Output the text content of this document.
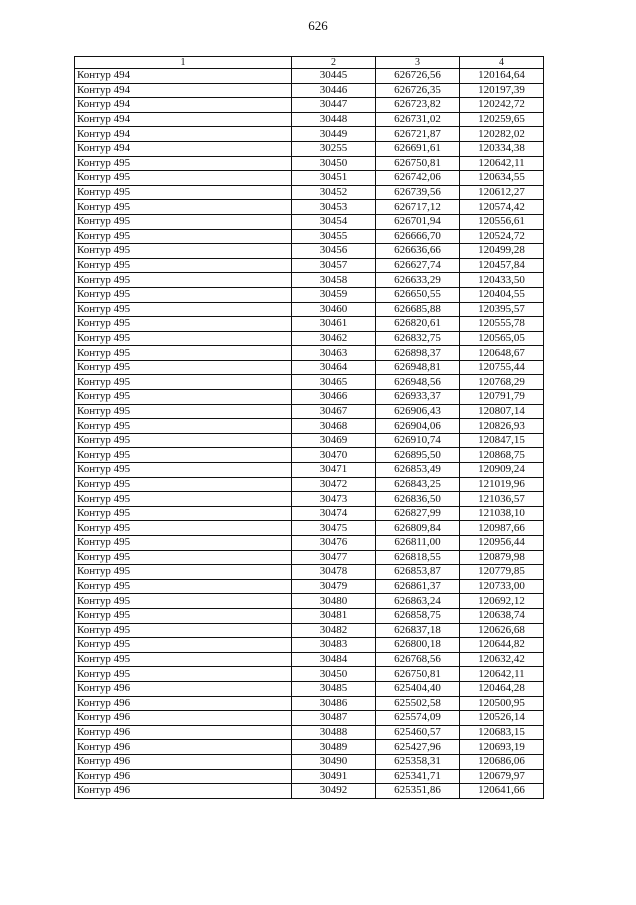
626
1	2	3	4
Контур 494	30445	626726,56	120164,64
Контур 494	30446	626726,35	120197,39
Контур 494	30447	626723,82	120242,72
Контур 494	30448	626731,02	120259,65
Контур 494	30449	626721,87	120282,02
Контур 494	30255	626691,61	120334,38
Контур 495	30450	626750,81	120642,11
Контур 495	30451	626742,06	120634,55
Контур 495	30452	626739,56	120612,27
Контур 495	30453	626717,12	120574,42
Контур 495	30454	626701,94	120556,61
Контур 495	30455	626666,70	120524,72
Контур 495	30456	626636,66	120499,28
Контур 495	30457	626627,74	120457,84
Контур 495	30458	626633,29	120433,50
Контур 495	30459	626650,55	120404,55
Контур 495	30460	626685,88	120395,57
Контур 495	30461	626820,61	120555,78
Контур 495	30462	626832,75	120565,05
Контур 495	30463	626898,37	120648,67
Контур 495	30464	626948,81	120755,44
Контур 495	30465	626948,56	120768,29
Контур 495	30466	626933,37	120791,79
Контур 495	30467	626906,43	120807,14
Контур 495	30468	626904,06	120826,93
Контур 495	30469	626910,74	120847,15
Контур 495	30470	626895,50	120868,75
Контур 495	30471	626853,49	120909,24
Контур 495	30472	626843,25	121019,96
Контур 495	30473	626836,50	121036,57
Контур 495	30474	626827,99	121038,10
Контур 495	30475	626809,84	120987,66
Контур 495	30476	626811,00	120956,44
Контур 495	30477	626818,55	120879,98
Контур 495	30478	626853,87	120779,85
Контур 495	30479	626861,37	120733,00
Контур 495	30480	626863,24	120692,12
Контур 495	30481	626858,75	120638,74
Контур 495	30482	626837,18	120626,68
Контур 495	30483	626800,18	120644,82
Контур 495	30484	626768,56	120632,42
Контур 495	30450	626750,81	120642,11
Контур 496	30485	625404,40	120464,28
Контур 496	30486	625502,58	120500,95
Контур 496	30487	625574,09	120526,14
Контур 496	30488	625460,57	120683,15
Контур 496	30489	625427,96	120693,19
Контур 496	30490	625358,31	120686,06
Контур 496	30491	625341,71	120679,97
Контур 496	30492	625351,86	120641,66
